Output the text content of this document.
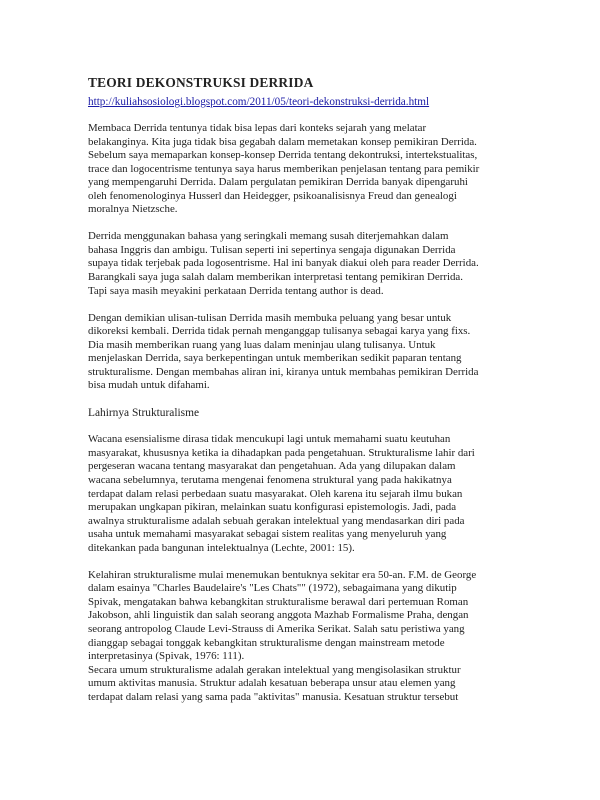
TEORI DEKONSTRUKSI DERRIDA
http://kuliahsosiologi.blogspot.com/2011/05/teori-dekonstruksi-derrida.html

Membaca Derrida tentunya tidak bisa lepas dari konteks sejarah yang melatar
belakanginya. Kita juga tidak bisa gegabah dalam memetakan konsep pemikiran Derrida.
Sebelum saya memaparkan konsep-konsep Derrida tentang dekontruksi, intertekstualitas,
trace dan logocentrisme tentunya saya harus memberikan penjelasan tentang para pemikir
yang mempengaruhi Derrida. Dalam pergulatan pemikiran Derrida banyak dipengaruhi
oleh fenomenologinya Husserl dan Heidegger, psikoanalisisnya Freud dan genealogi
moralnya Nietzsche.

Derrida menggunakan bahasa yang seringkali memang susah diterjemahkan dalam
bahasa Inggris dan ambigu. Tulisan seperti ini sepertinya sengaja digunakan Derrida
supaya tidak terjebak pada logosentrisme. Hal ini banyak diakui oleh para reader Derrida.
Barangkali saya juga salah dalam memberikan interpretasi tentang pemikiran Derrida.
Tapi saya masih meyakini perkataan Derrida tentang author is dead.

Dengan demikian ulisan-tulisan Derrida masih membuka peluang yang besar untuk
dikoreksi kembali. Derrida tidak pernah menganggap tulisanya sebagai karya yang fixs.
Dia masih memberikan ruang yang luas dalam meninjau ulang tulisanya. Untuk
menjelaskan Derrida, saya berkepentingan untuk memberikan sedikit paparan tentang
strukturalisme. Dengan membahas aliran ini, kiranya untuk membahas pemikiran Derrida
bisa mudah untuk difahami.

Lahirnya Strukturalisme

Wacana esensialisme dirasa tidak mencukupi lagi untuk memahami suatu keutuhan
masyarakat, khususnya ketika ia dihadapkan pada pengetahuan. Strukturalisme lahir dari
pergeseran wacana tentang masyarakat dan pengetahuan. Ada yang dilupakan dalam
wacana sebelumnya, terutama mengenai fenomena struktural yang pada hakikatnya
terdapat dalam relasi perbedaan suatu masyarakat. Oleh karena itu sejarah ilmu bukan
merupakan ungkapan pikiran, melainkan suatu konfigurasi epistemologis. Jadi, pada
awalnya strukturalisme adalah sebuah gerakan intelektual yang mendasarkan diri pada
usaha untuk memahami masyarakat sebagai sistem realitas yang menyeluruh yang
ditekankan pada bangunan intelektualnya (Lechte, 2001: 15).

Kelahiran strukturalisme mulai menemukan bentuknya sekitar era 50-an. F.M. de George
dalam esainya "Charles Baudelaire's "Les Chats"" (1972), sebagaimana yang dikutip
Spivak, mengatakan bahwa kebangkitan strukturalisme berawal dari pertemuan Roman
Jakobson, ahli linguistik dan salah seorang anggota Mazhab Formalisme Praha, dengan
seorang antropolog Claude Levi-Strauss di Amerika Serikat. Salah satu peristiwa yang
dianggap sebagai tonggak kebangkitan strukturalisme dengan mainstream metode
interpretasinya (Spivak, 1976: 111).

Secara umum strukturalisme adalah gerakan intelektual yang mengisolasikan struktur
umum aktivitas manusia. Struktur adalah kesatuan beberapa unsur atau elemen yang
terdapat dalam relasi yang sama pada "aktivitas" manusia. Kesatuan struktur tersebut
